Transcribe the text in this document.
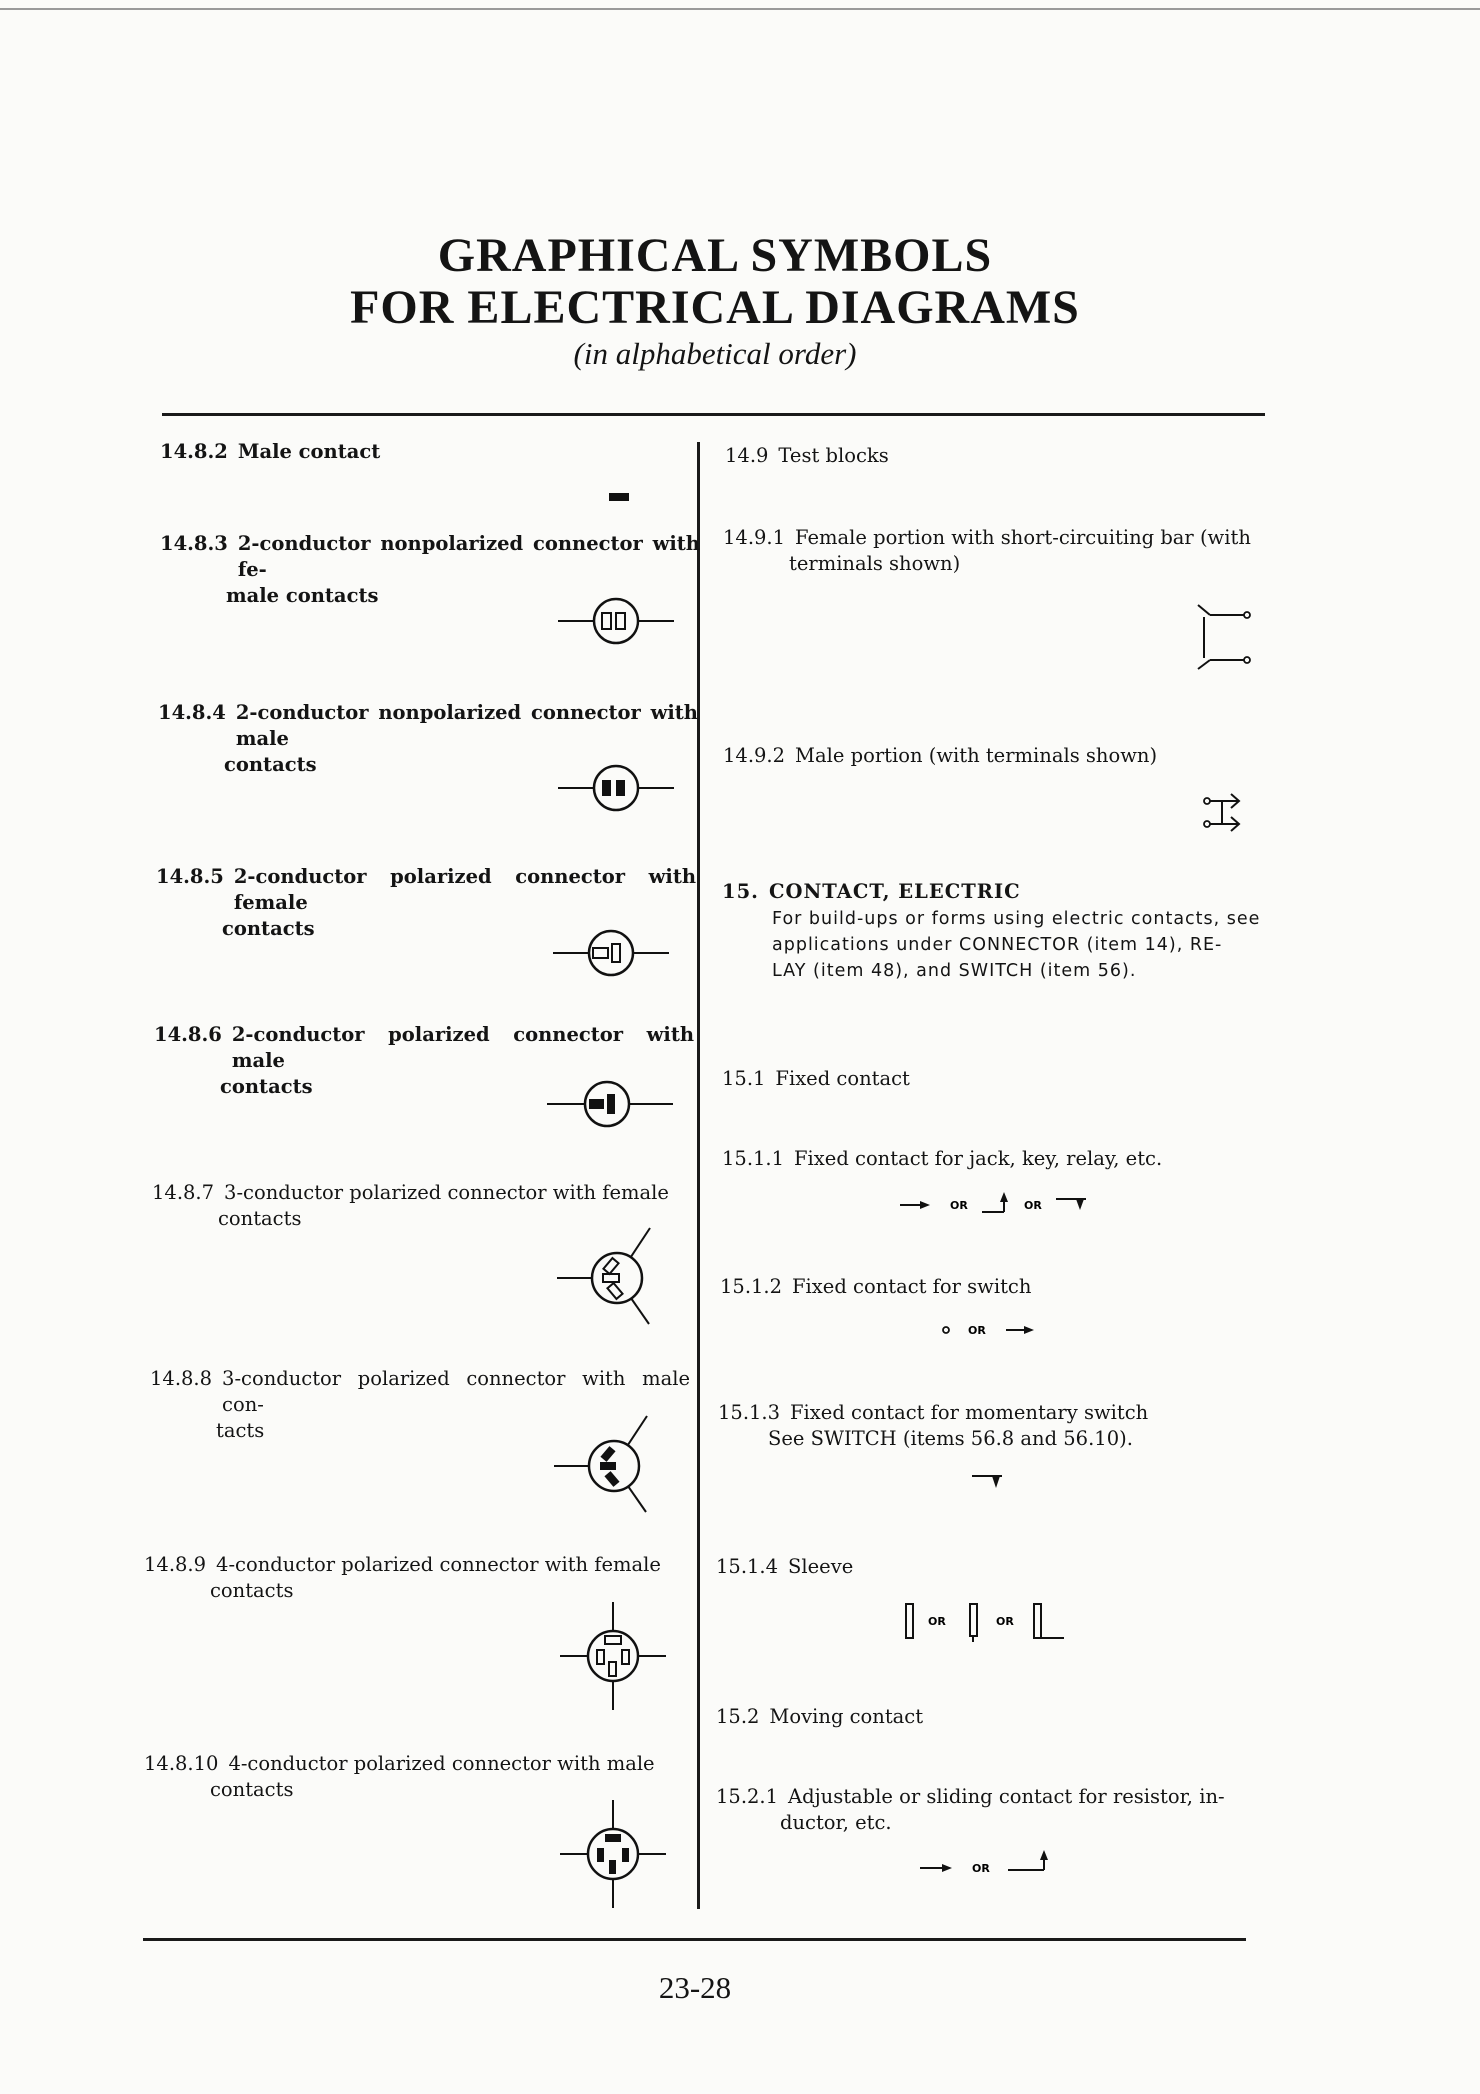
GRAPHICAL SYMBOLS
FOR ELECTRICAL DIAGRAMS
(in alphabetical order)
14.8.2 Male contact
14.8.3 2-conductor nonpolarized connector with fe-
male contacts
14.8.4 2-conductor nonpolarized connector with male
contacts
14.8.5 2-conductor polarized connector with female
contacts
14.8.6 2-conductor polarized connector with male
contacts
14.8.7 3-conductor polarized connector with female
contacts
14.8.8 3-conductor polarized connector with male con-
tacts
14.8.9 4-conductor polarized connector with female
contacts
14.8.10 4-conductor polarized connector with male
contacts
14.9 Test blocks
14.9.1 Female portion with short-circuiting bar (with
terminals shown)
14.9.2 Male portion (with terminals shown)
15. CONTACT, ELECTRIC
For build-ups or forms using electric contacts, see
applications under CONNECTOR (item 14), RE-
LAY (item 48), and SWITCH (item 56).
15.1 Fixed contact
15.1.1 Fixed contact for jack, key, relay, etc.
OR	OR
15.1.2 Fixed contact for switch
OR
15.1.3 Fixed contact for momentary switch
See SWITCH (items 56.8 and 56.10).
15.1.4 Sleeve
OR	OR
15.2 Moving contact
15.2.1 Adjustable or sliding contact for resistor, in-
ductor, etc.
OR
23-28
